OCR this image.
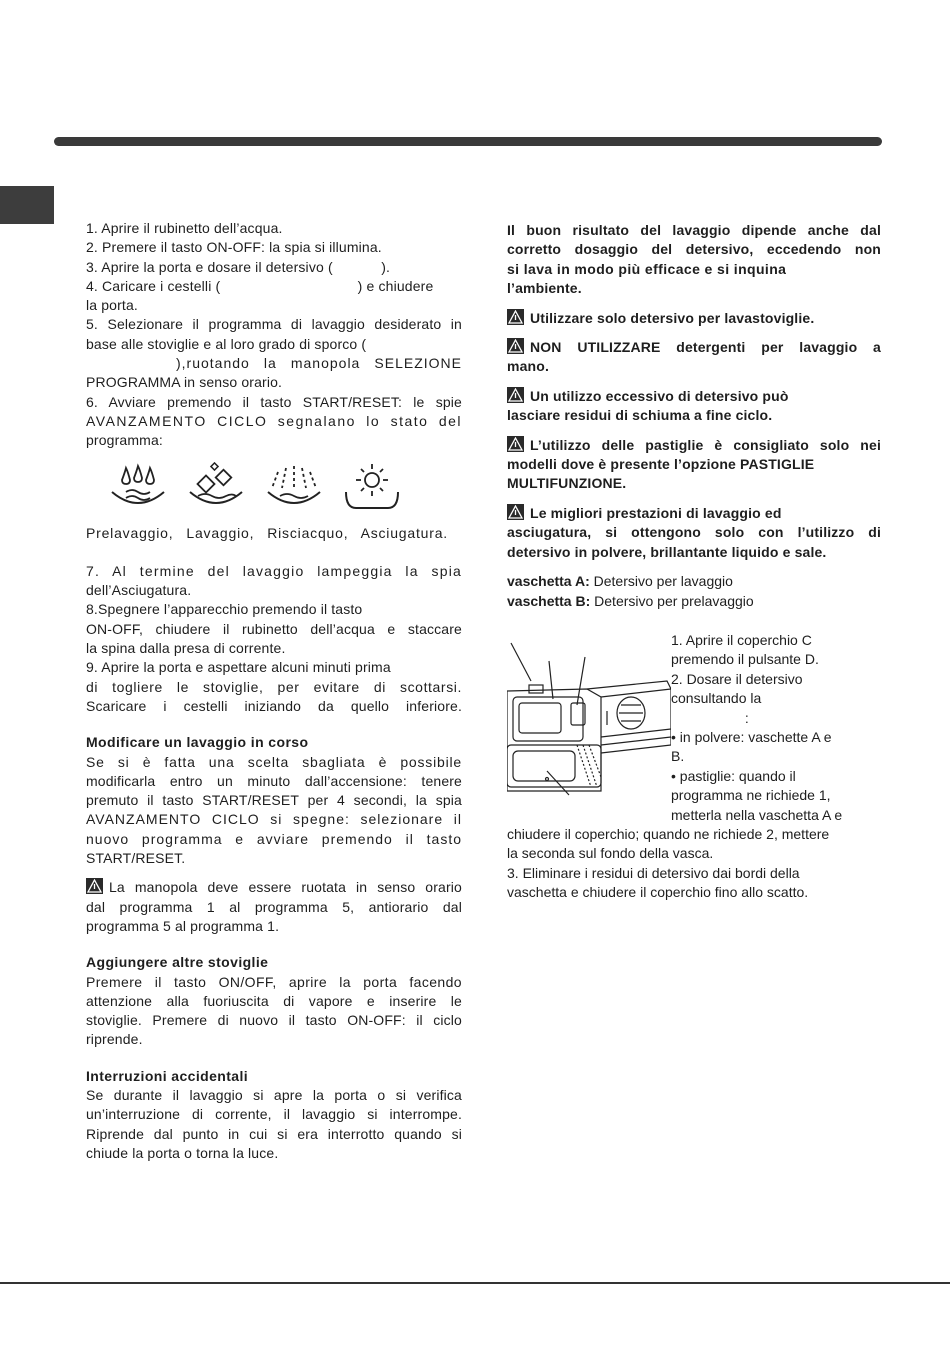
1. Aprire il rubinetto dell’acqua.

2. Premere il tasto ON-OFF: la spia si illumina.

3. Aprire la porta e dosare il detersivo (            ).

4. Caricare i cestelli (                                  ) e chiudere

la porta.

5. Selezionare il programma di lavaggio desiderato in

base alle stoviglie e al loro grado di sporco (

),ruotando la manopola SELEZIONE

PROGRAMMA in senso orario.

6. Avviare premendo il tasto START/RESET: le spie

AVANZAMENTO CICLO segnalano lo stato del

programma:

Prelavaggio, Lavaggio, Risciacquo, Asciugatura.

7. Al termine del lavaggio lampeggia la spia

dell’Asciugatura.

8.Spegnere l’apparecchio premendo il tasto

ON-OFF, chiudere il rubinetto dell’acqua e staccare

la spina dalla presa di corrente.

9. Aprire la porta e aspettare alcuni minuti prima

di togliere le stoviglie, per evitare di scottarsi.

Scaricare i cestelli iniziando da quello inferiore.

Modificare un lavaggio in corso

Se si è fatta una scelta sbagliata è possibile

modificarla entro un minuto dall’accensione: tenere

premuto il tasto START/RESET per 4 secondi, la spia

AVANZAMENTO CICLO si spegne: selezionare il

nuovo programma e avviare premendo il tasto

START/RESET.

La manopola deve essere ruotata in senso orario

dal programma 1 al programma 5, antiorario dal

programma 5 al programma 1.

Aggiungere altre stoviglie

Premere il tasto ON/OFF, aprire la porta facendo

attenzione alla fuoriuscita di vapore e inserire le

stoviglie. Premere di nuovo il tasto ON-OFF: il ciclo

riprende.

Interruzioni accidentali

Se durante il lavaggio si apre la porta o si verifica

un’interruzione di corrente, il lavaggio si interrompe.

Riprende dal punto in cui si era interrotto quando si

chiude la porta o torna la luce.

Il buon risultato del lavaggio dipende anche dal

corretto dosaggio del detersivo, eccedendo non

si lava in modo più efficace e si inquina

l’ambiente.

Utilizzare solo detersivo per lavastoviglie.

NON UTILIZZARE detergenti per lavaggio a

mano.

Un utilizzo eccessivo di detersivo può

lasciare residui di schiuma a fine ciclo.

L’utilizzo delle pastiglie è consigliato solo nei

modelli dove è presente l’opzione PASTIGLIE

MULTIFUNZIONE.

Le migliori prestazioni di lavaggio ed

asciugatura, si ottengono solo con l’utilizzo di

detersivo in polvere, brillantante liquido e sale.

vaschetta A: Detersivo per lavaggio

vaschetta B: Detersivo per prelavaggio

1. Aprire il coperchio C

premendo il pulsante D.

2. Dosare il detersivo

consultando la

:

• in polvere: vaschette A e

B.

• pastiglie: quando il

programma ne richiede 1,

metterla nella vaschetta A e

chiudere il coperchio; quando ne richiede 2, mettere

la seconda sul fondo della vasca.

3. Eliminare i residui di detersivo dai bordi della

vaschetta e chiudere il coperchio fino allo scatto.
